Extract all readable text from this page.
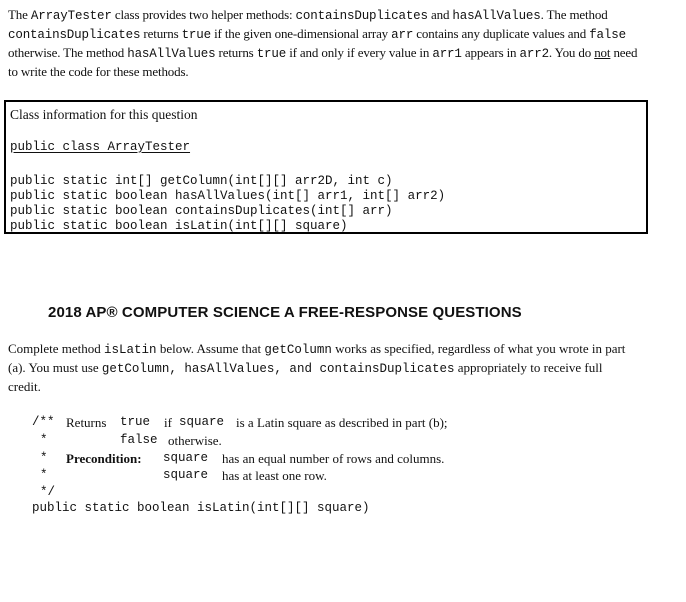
The ArrayTester class provides two helper methods: containsDuplicates and hasAllValues. The method containsDuplicates returns true if the given one-dimensional array arr contains any duplicate values and false otherwise. The method hasAllValues returns true if and only if every value in arr1 appears in arr2. You do not need to write the code for these methods.
Class information for this question
public class ArrayTester
public static int[] getColumn(int[][] arr2D, int c)
public static boolean hasAllValues(int[] arr1, int[] arr2)
public static boolean containsDuplicates(int[] arr)
public static boolean isLatin(int[][] square)
2018 AP® COMPUTER SCIENCE A FREE-RESPONSE QUESTIONS
Complete method isLatin below. Assume that getColumn works as specified, regardless of what you wrote in part (a). You must use getColumn, hasAllValues, and containsDuplicates appropriately to receive full credit.
/** Returns true if square is a Latin square as described in part (b);
*	false otherwise.
* Precondition: square has an equal number of rows and columns.
*	square has at least one row.
*/
public static boolean isLatin(int[][] square)
